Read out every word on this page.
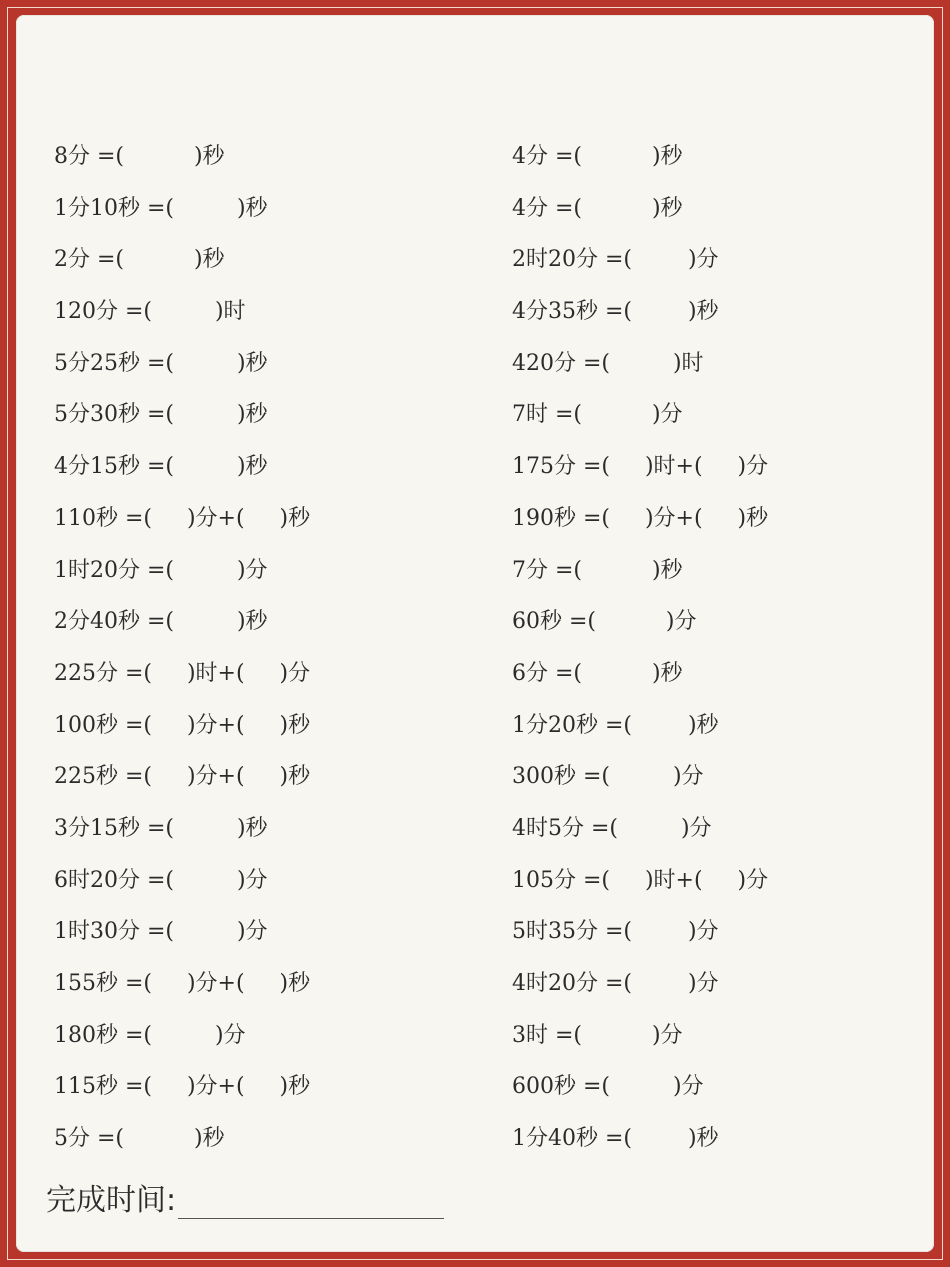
8分 =(          )秒
1分10秒 =(         )秒
2分 =(          )秒
120分 =(         )时
5分25秒 =(         )秒
5分30秒 =(         )秒
4分15秒 =(         )秒
110秒 =(     )分+(     )秒
1时20分 =(         )分
2分40秒 =(         )秒
225分 =(     )时+(     )分
100秒 =(     )分+(     )秒
225秒 =(     )分+(     )秒
3分15秒 =(         )秒
6时20分 =(         )分
1时30分 =(         )分
155秒 =(     )分+(     )秒
180秒 =(         )分
115秒 =(     )分+(     )秒
5分 =(          )秒
4分 =(          )秒
4分 =(          )秒
2时20分 =(        )分
4分35秒 =(        )秒
420分 =(         )时
7时 =(          )分
175分 =(     )时+(     )分
190秒 =(     )分+(     )秒
7分 =(          )秒
60秒 =(          )分
6分 =(          )秒
1分20秒 =(        )秒
300秒 =(         )分
4时5分 =(         )分
105分 =(     )时+(     )分
5时35分 =(        )分
4时20分 =(        )分
3时 =(          )分
600秒 =(         )分
1分40秒 =(        )秒
完成时间:
